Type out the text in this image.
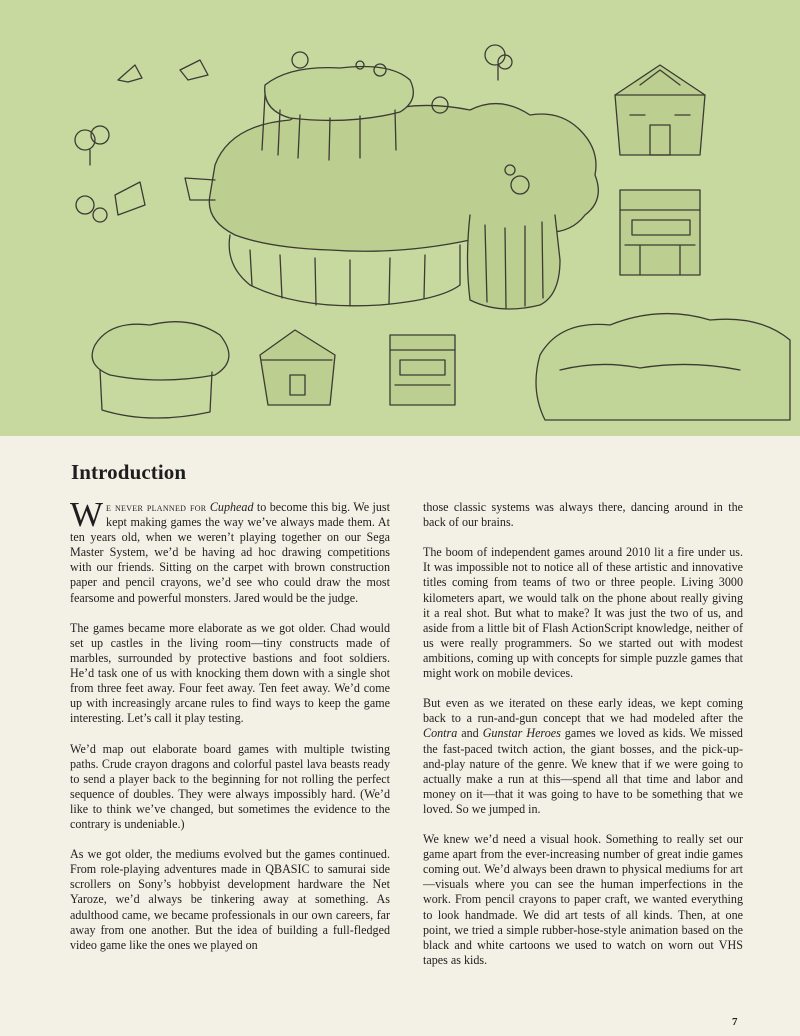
Introduction

We never planned for Cuphead to become this big. We just kept making games the way we’ve always made them. At ten years old, when we weren’t playing together on our Sega Master System, we’d be having ad hoc drawing competitions with our friends. Sitting on the carpet with brown construction paper and pencil crayons, we’d see who could draw the most fearsome and powerful monsters. Jared would be the judge.

The games became more elaborate as we got older. Chad would set up castles in the living room—tiny constructs made of marbles, surrounded by protective bastions and foot soldiers. He’d task one of us with knocking them down with a single shot from three feet away. Four feet away. Ten feet away. We’d come up with increasingly arcane rules to find ways to keep the game interesting. Let’s call it play testing.

We’d map out elaborate board games with multiple twisting paths. Crude crayon dragons and colorful pastel lava beasts ready to send a player back to the beginning for not rolling the perfect sequence of doubles. They were always impossibly hard. (We’d like to think we’ve changed, but sometimes the evidence to the contrary is undeniable.)

As we got older, the mediums evolved but the games continued. From role-playing adventures made in QBASIC to samurai side scrollers on Sony’s hobbyist development hardware the Net Yaroze, we’d always be tinkering away at something. As adulthood came, we became professionals in our own careers, far away from one another. But the idea of building a full-fledged video game like the ones we played on

those classic systems was always there, dancing around in the back of our brains.

The boom of independent games around 2010 lit a fire under us. It was impossible not to notice all of these artistic and innovative titles coming from teams of two or three people. Living 3000 kilometers apart, we would talk on the phone about really giving it a real shot. But what to make? It was just the two of us, and aside from a little bit of Flash ActionScript knowledge, neither of us were really programmers. So we started out with modest ambitions, coming up with concepts for simple puzzle games that might work on mobile devices.

But even as we iterated on these early ideas, we kept coming back to a run-and-gun concept that we had modeled after the Contra and Gunstar Heroes games we loved as kids. We missed the fast-paced twitch action, the giant bosses, and the pick-up-and-play nature of the genre. We knew that if we were going to actually make a run at this—spend all that time and labor and money on it—that it was going to have to be something that we loved. So we jumped in.

We knew we’d need a visual hook. Something to really set our game apart from the ever-increasing number of great indie games coming out. We’d always been drawn to physical mediums for art—visuals where you can see the human imperfections in the work. From pencil crayons to paper craft, we wanted everything to look handmade. We did art tests of all kinds. Then, at one point, we tried a simple rubber-hose-style animation based on the black and white cartoons we used to watch on worn out VHS tapes as kids.

7
